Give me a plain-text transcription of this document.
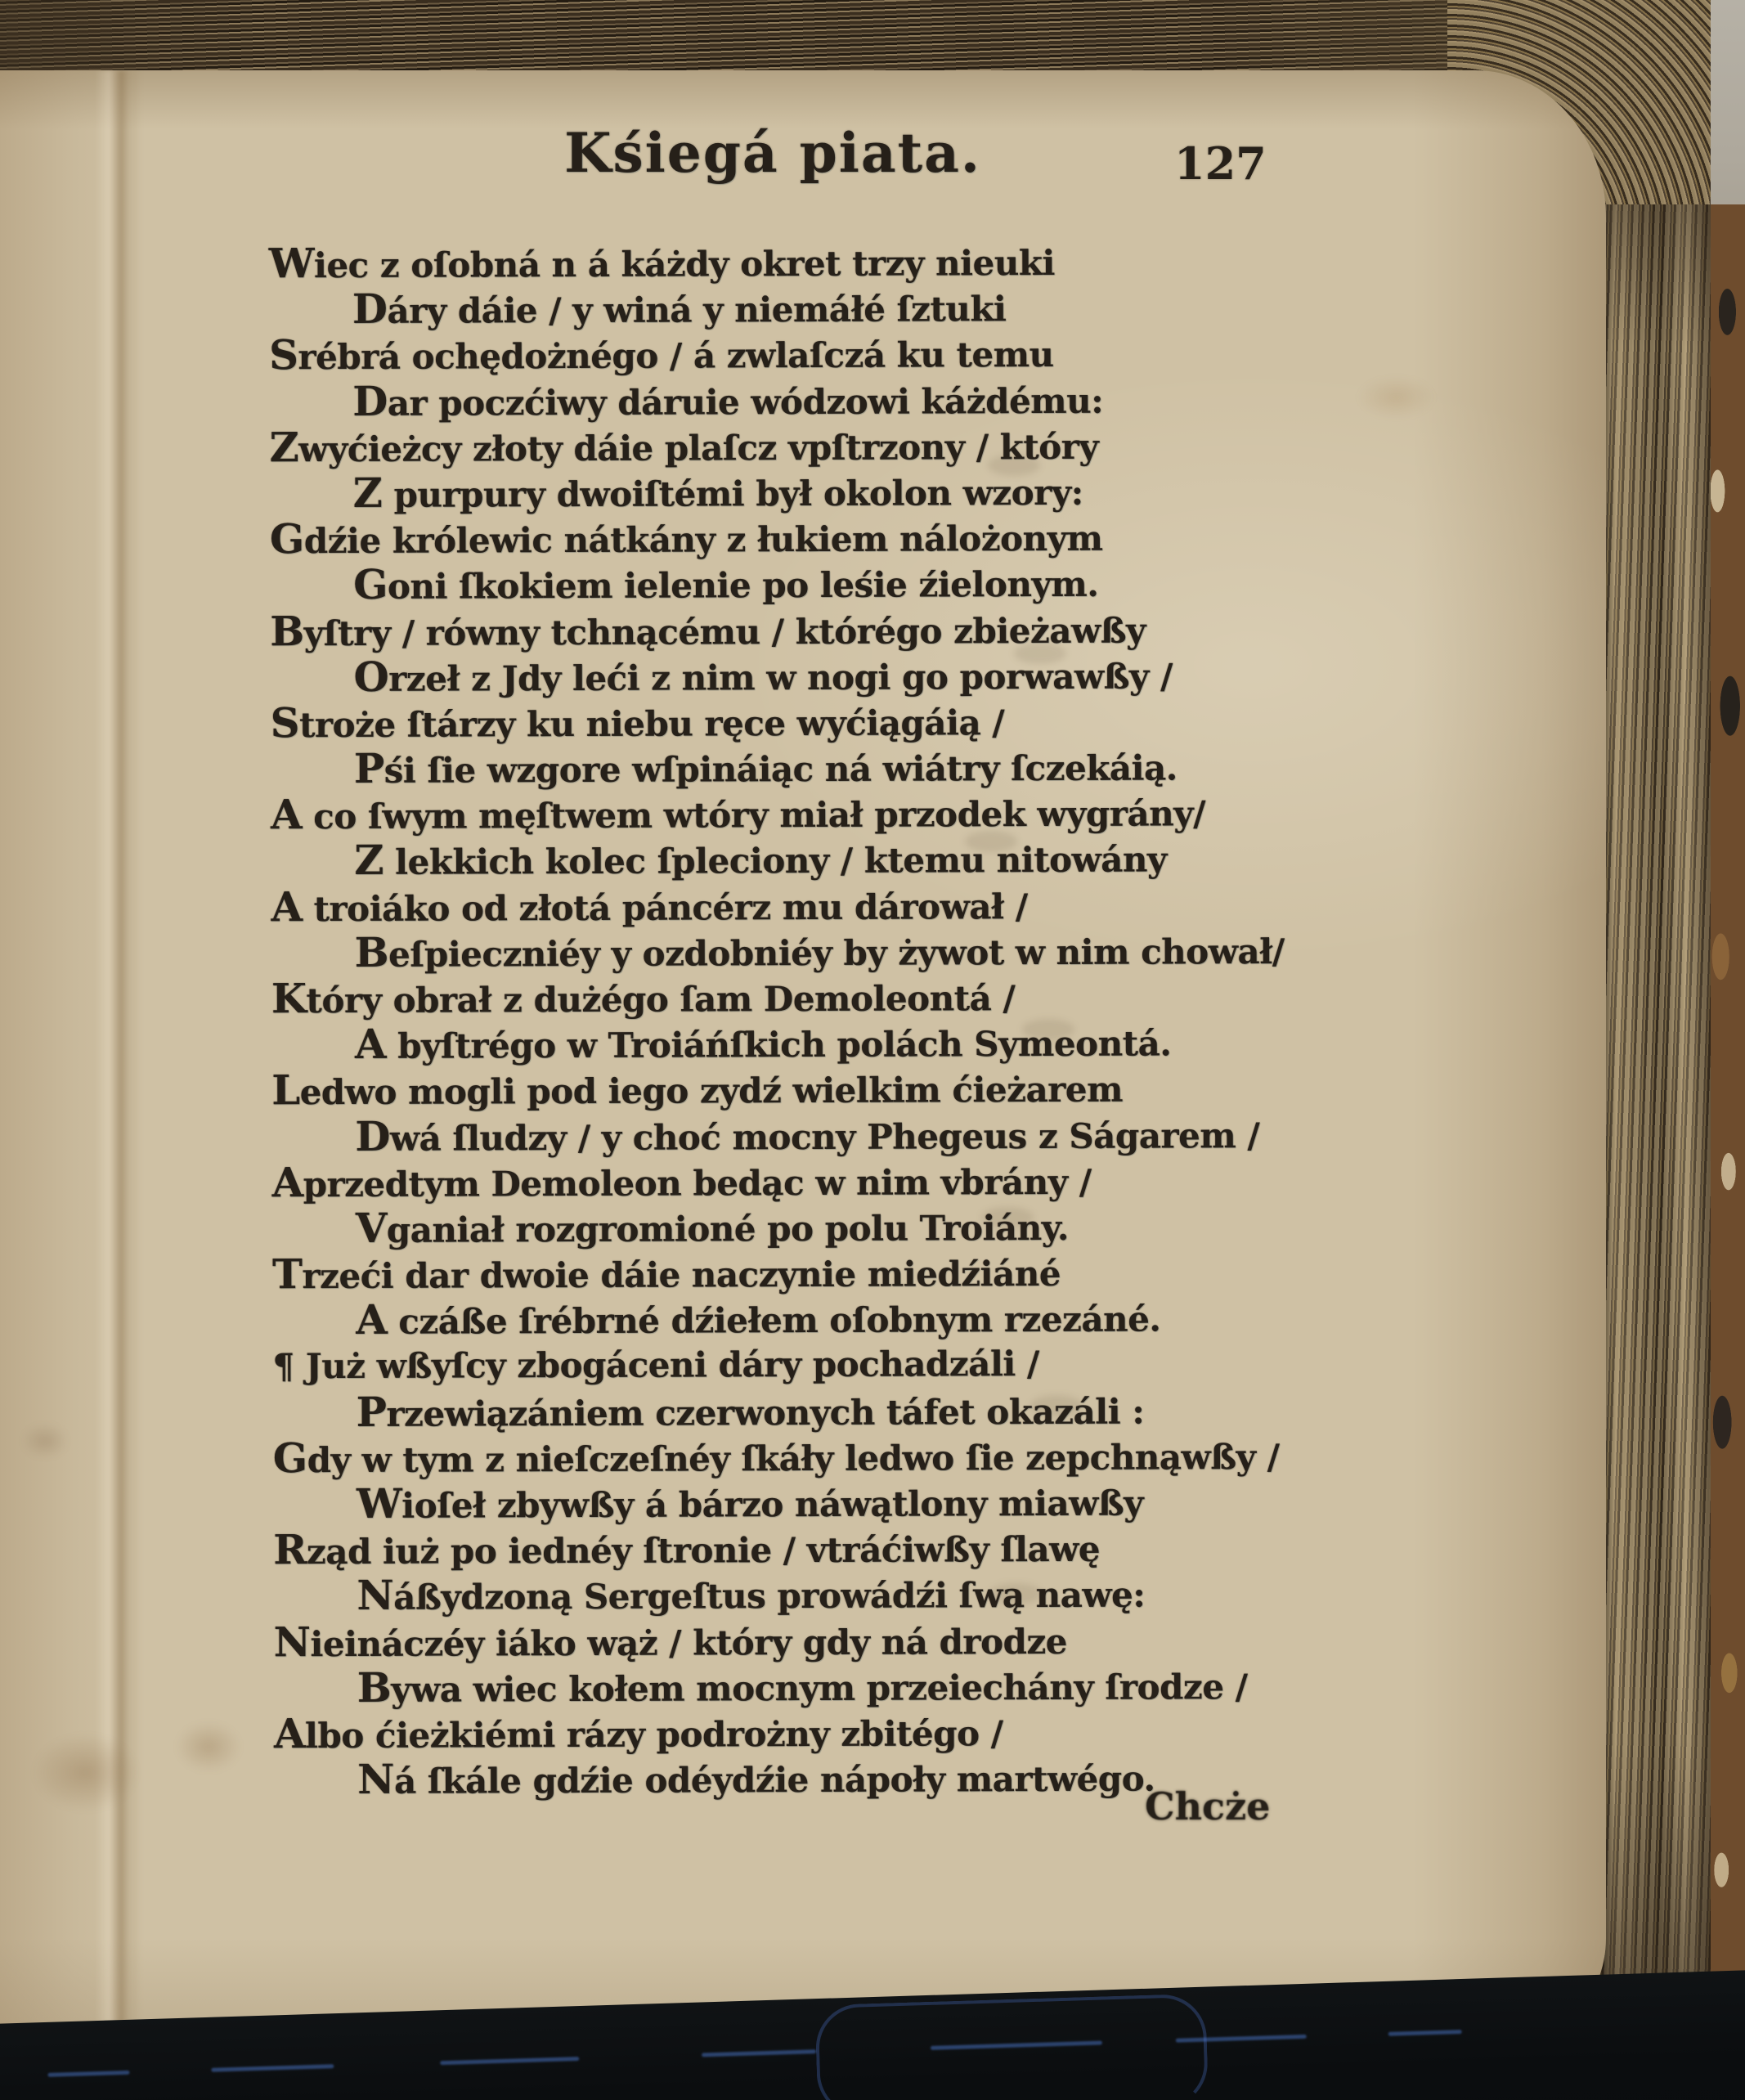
Kśiegá piata.	127
Wiec z oſobná n á káżdy okret trzy nieuki
Dáry dáie / y winá y niemáłé ſztuki
Srébrá ochędożnégo / á zwlaſczá ku temu
Dar poczćiwy dáruie wódzowi káżdému:
Zwyćieżcy złoty dáie plaſcz vpſtrzony / który
Z purpury dwoiſtémi był okolon wzory:
Gdźie królewic nátkány z łukiem nálożonym
Goni ſkokiem ielenie po leśie źielonym.
Byſtry / równy tchnącému / którégo zbieżawßy
Orzeł z Jdy leći z nim w nogi go porwawßy /
Stroże ſtárzy ku niebu ręce wyćiągáią /
Pśi ſie wzgore wſpináiąc ná wiátry ſczekáią.
A co ſwym męſtwem wtóry miał przodek wygrány/
Z lekkich kolec ſpleciony / ktemu nitowány
A troiáko od złotá páncérz mu dárował /
Beſpieczniéy y ozdobniéy by żywot w nim chował/
Który obrał z dużégo ſam Demoleontá /
A byſtrégo w Troiáńſkich polách Symeontá.
Ledwo mogli pod iego zydź wielkim ćieżarem
Dwá ſludzy / y choć mocny Phegeus z Ságarem /
Aprzedtym Demoleon bedąc w nim vbrány /
Vganiał rozgromioné po polu Troiány.
Trzeći dar dwoie dáie naczynie miedźiáné
A czáße ſrébrné dźiełem oſobnym rzezáné.
¶ Już wßyſcy zbogáceni dáry pochadzáli /
Przewiązániem czerwonych táfet okazáli :
Gdy w tym z nieſczeſnéy ſkáły ledwo ſie zepchnąwßy /
Wioſeł zbywßy á bárzo náwątlony miawßy
Rząd iuż po iednéy ſtronie / vtráćiwßy ſlawę
Náßydzoną Sergeſtus prowádźi ſwą nawę:
Nieináczéy iáko wąż / który gdy ná drodze
Bywa wiec kołem mocnym przeiechány ſrodze /
Albo ćieżkiémi rázy podrożny zbitégo /
Ná ſkále gdźie odéydźie nápoły martwégo.
Chcże
